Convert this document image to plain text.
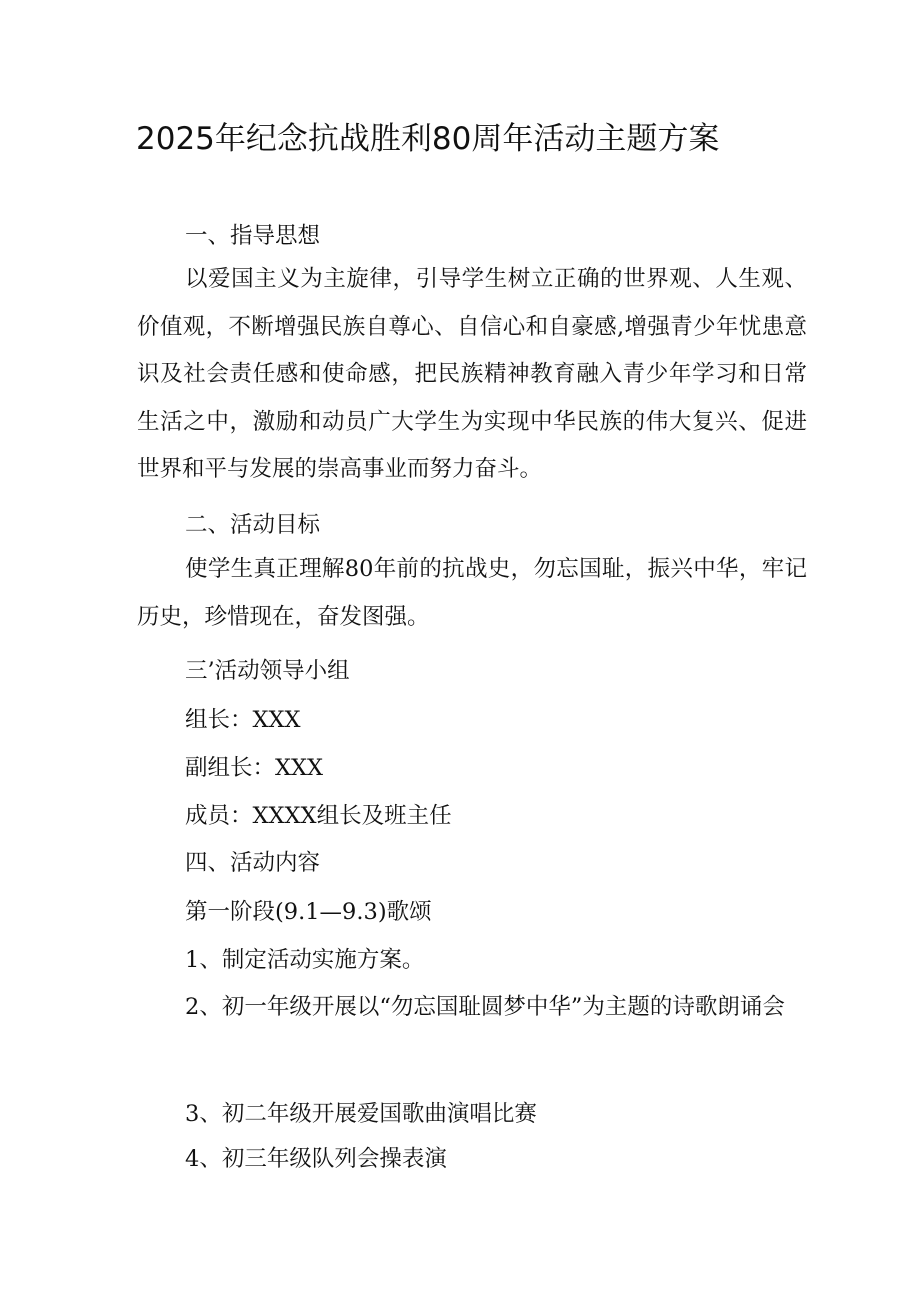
2025年纪念抗战胜利80周年活动主题方案

一、指导思想

以爱国主义为主旋律，引导学生树立正确的世界观、人生观、价值观，不断增强民族自尊心、自信心和自豪感,增强青少年忧患意识及社会责任感和使命感，把民族精神教育融入青少年学习和日常生活之中，激励和动员广大学生为实现中华民族的伟大复兴、促进世界和平与发展的崇高事业而努力奋斗。

二、活动目标

使学生真正理解80年前的抗战史，勿忘国耻，振兴中华，牢记历史，珍惜现在，奋发图强。

三’活动领导小组

组长：XXX

副组长：XXX

成员：XXXX组长及班主任

四、活动内容

第一阶段(9.1—9.3)歌颂

1、制定活动实施方案。

2、初一年级开展以“勿忘国耻圆梦中华”为主题的诗歌朗诵会

3、初二年级开展爱国歌曲演唱比赛

4、初三年级队列会操表演
